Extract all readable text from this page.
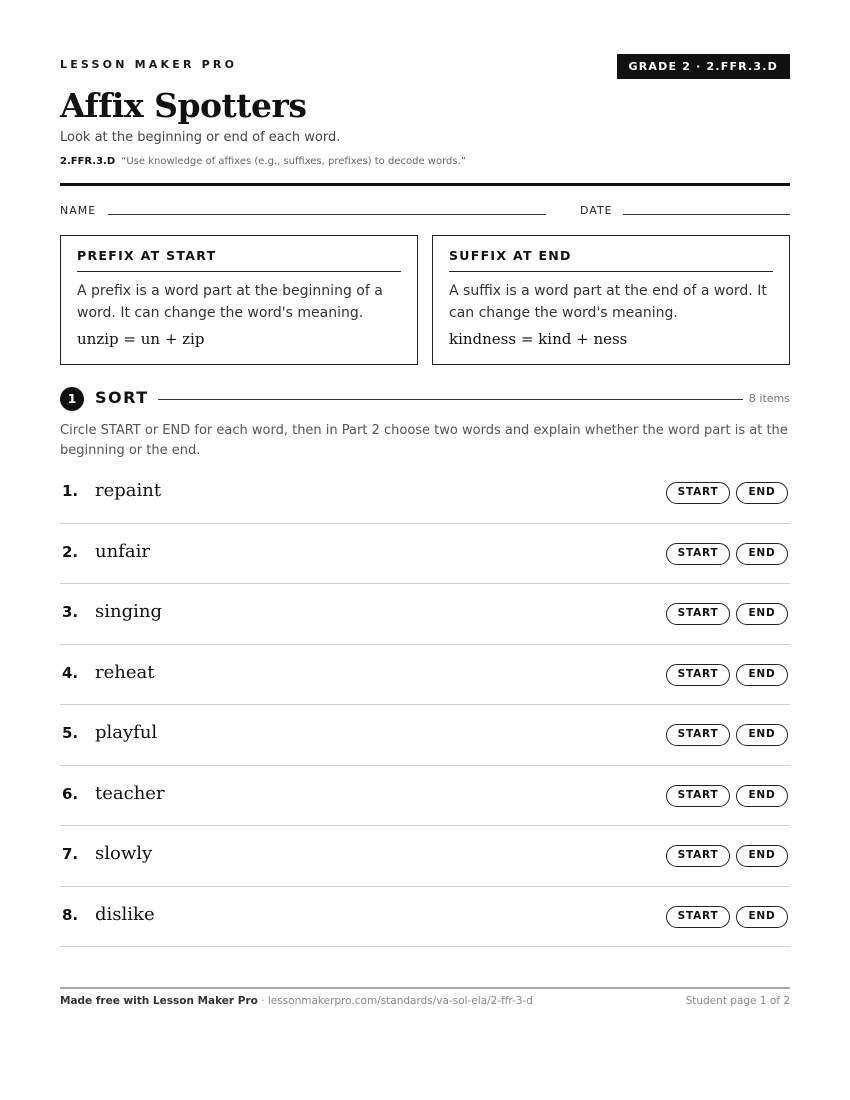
LESSON MAKER PRO	GRADE 2 · 2.FFR.3.D
Affix Spotters
Look at the beginning or end of each word.
2.FFR.3.D “Use knowledge of affixes (e.g., suffixes, prefixes) to decode words.”
NAME	DATE
PREFIX AT START
A prefix is a word part at the beginning of a word. It can change the word's meaning.
unzip = un + zip
SUFFIX AT END
A suffix is a word part at the end of a word. It can change the word's meaning.
kindness = kind + ness
1	SORT	8 items
Circle START or END for each word, then in Part 2 choose two words and explain whether the word part is at the beginning or the end.
1. repaint	START	END
2. unfair	START	END
3. singing	START	END
4. reheat	START	END
5. playful	START	END
6. teacher	START	END
7. slowly	START	END
8. dislike	START	END
Made free with Lesson Maker Pro · lessonmakerpro.com/standards/va-sol-ela/2-ffr-3-d	Student page 1 of 2
